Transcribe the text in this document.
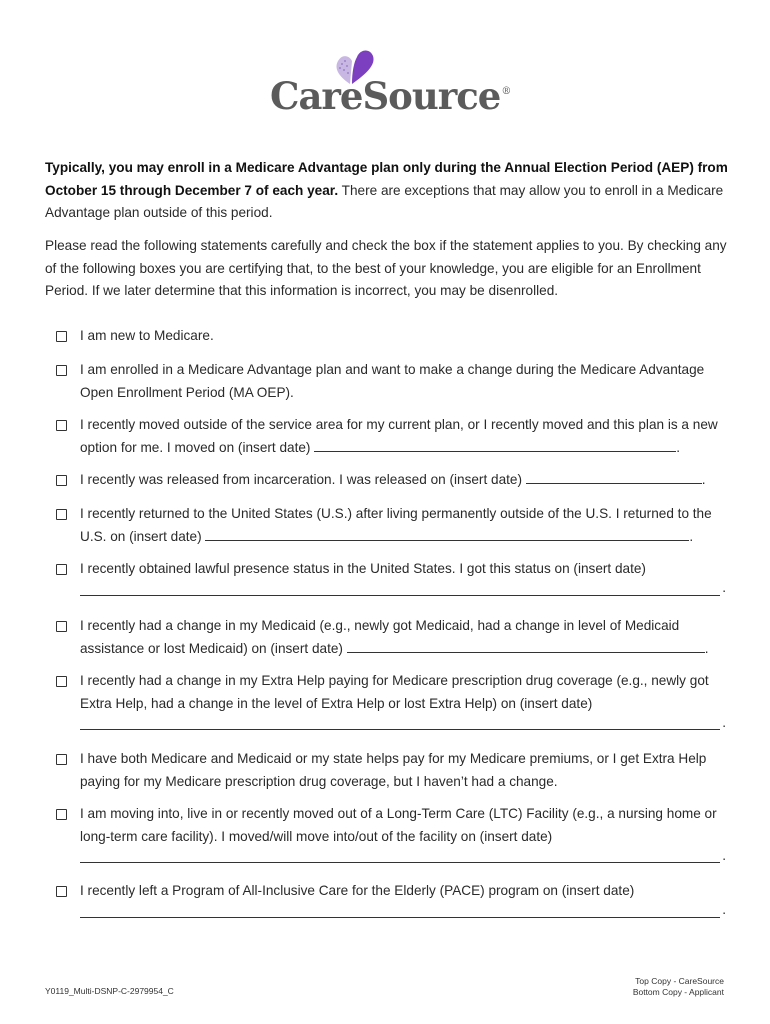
CareSource®

Typically, you may enroll in a Medicare Advantage plan only during the Annual Election Period (AEP) from October 15 through December 7 of each year. There are exceptions that may allow you to enroll in a Medicare Advantage plan outside of this period.

Please read the following statements carefully and check the box if the statement applies to you. By checking any of the following boxes you are certifying that, to the best of your knowledge, you are eligible for an Enrollment Period. If we later determine that this information is incorrect, you may be disenrolled.

I am new to Medicare.
I am enrolled in a Medicare Advantage plan and want to make a change during the Medicare Advantage Open Enrollment Period (MA OEP).
I recently moved outside of the service area for my current plan, or I recently moved and this plan is a new option for me. I moved on (insert date)	.
I recently was released from incarceration. I was released on (insert date)	.
I recently returned to the United States (U.S.) after living permanently outside of the U.S. I returned to the U.S. on (insert date)	.
I recently obtained lawful presence status in the United States. I got this status on (insert date)
.
I recently had a change in my Medicaid (e.g., newly got Medicaid, had a change in level of Medicaid assistance or lost Medicaid) on (insert date)	.
I recently had a change in my Extra Help paying for Medicare prescription drug coverage (e.g., newly got Extra Help, had a change in the level of Extra Help or lost Extra Help) on (insert date)
.
I have both Medicare and Medicaid or my state helps pay for my Medicare premiums, or I get Extra Help paying for my Medicare prescription drug coverage, but I haven’t had a change.
I am moving into, live in or recently moved out of a Long-Term Care (LTC) Facility (e.g., a nursing home or long-term care facility). I moved/will move into/out of the facility on (insert date)
.
I recently left a Program of All-Inclusive Care for the Elderly (PACE) program on (insert date)
.
Y0119_Multi-DSNP-C-2979954_C
Top Copy - CareSource
Bottom Copy - Applicant
